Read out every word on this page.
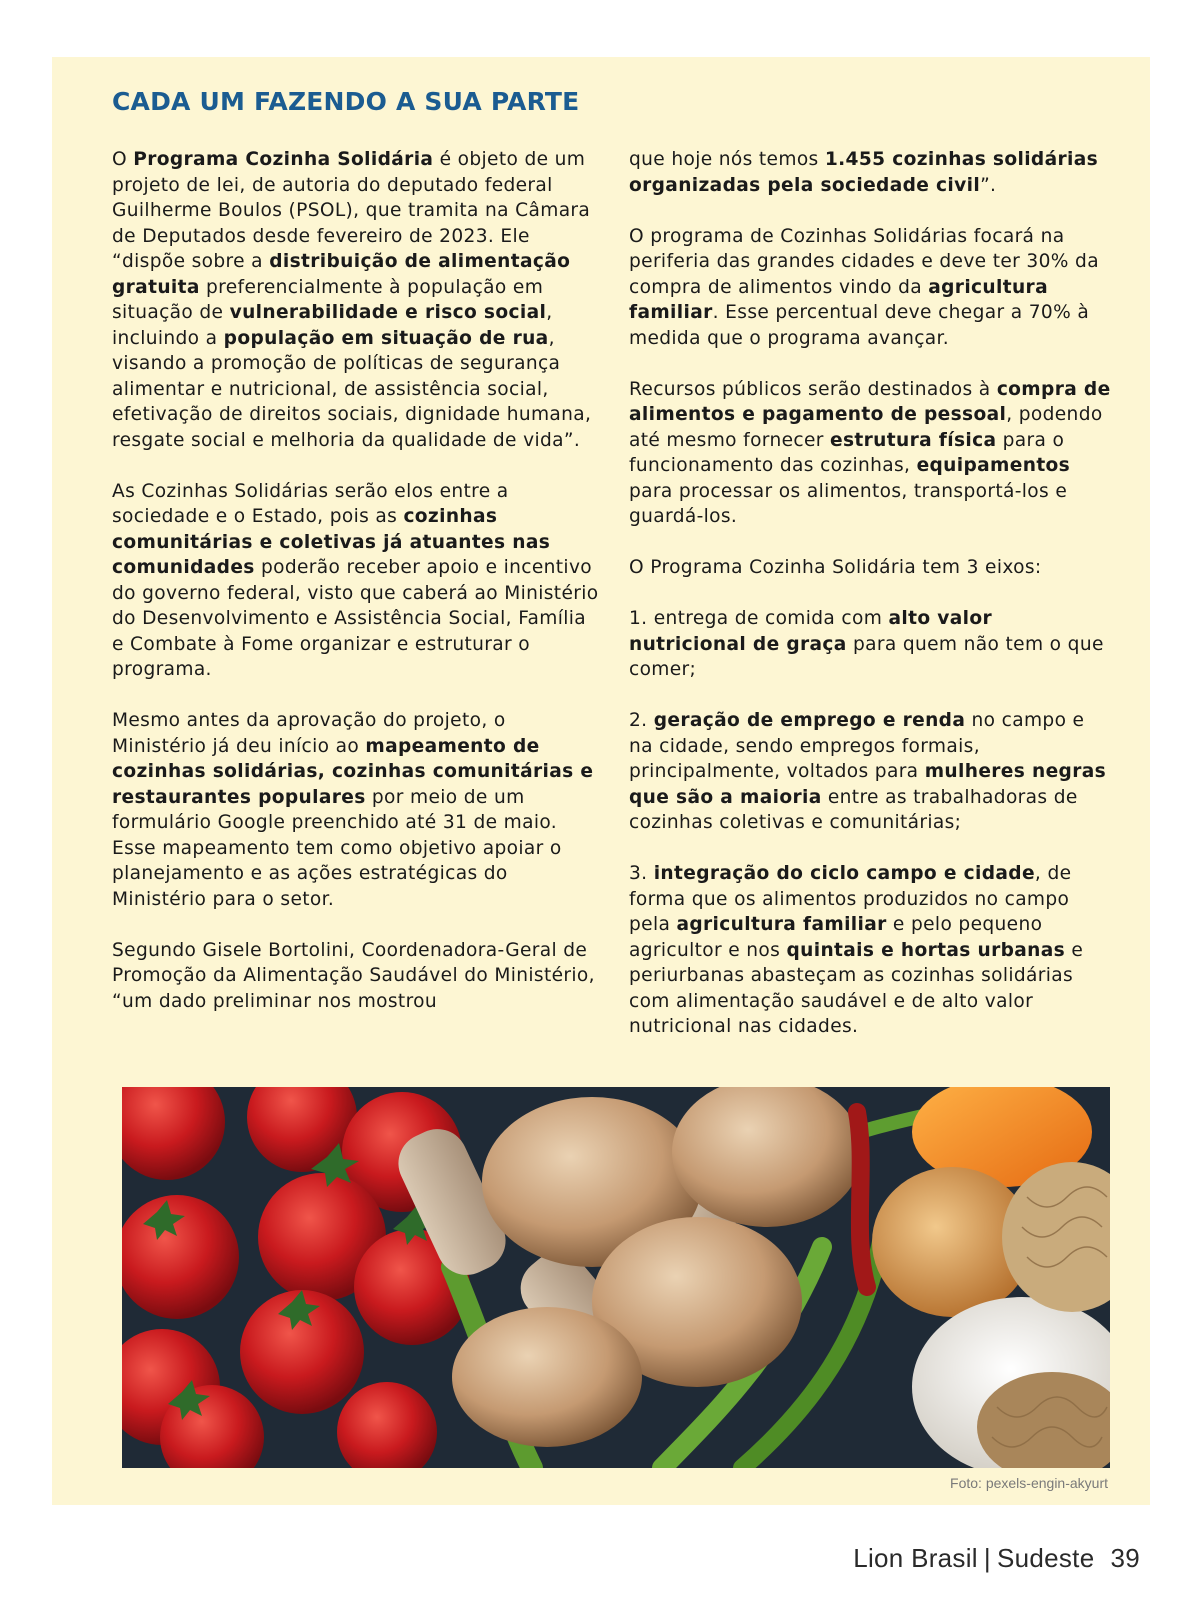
CADA UM FAZENDO A SUA PARTE

O Programa Cozinha Solidária é objeto de um projeto de lei, de autoria do deputado federal Guilherme Boulos (PSOL), que tramita na Câmara de Deputados desde fevereiro de 2023. Ele “dispõe sobre a distribuição de alimentação gratuita preferencialmente à população em situação de vulnerabilidade e risco social, incluindo a população em situação de rua, visando a promoção de políticas de segurança alimentar e nutricional, de assistência social, efetivação de direitos sociais, dignidade humana, resgate social e melhoria da qualidade de vida”.

As Cozinhas Solidárias serão elos entre a sociedade e o Estado, pois as cozinhas comunitárias e coletivas já atuantes nas comunidades poderão receber apoio e incentivo do governo federal, visto que caberá ao Ministério do Desenvolvimento e Assistência Social, Família e Combate à Fome organizar e estruturar o programa.

Mesmo antes da aprovação do projeto, o Ministério já deu início ao mapeamento de cozinhas solidárias, cozinhas comunitárias e restaurantes populares por meio de um formulário Google preenchido até 31 de maio. Esse mapeamento tem como objetivo apoiar o planejamento e as ações estratégicas do Ministério para o setor.

Segundo Gisele Bortolini, Coordenadora-Geral de Promoção da Alimentação Saudável do Ministério, “um dado preliminar nos mostrou

que hoje nós temos 1.455 cozinhas solidárias organizadas pela sociedade civil”.

O programa de Cozinhas Solidárias focará na periferia das grandes cidades e deve ter 30% da compra de alimentos vindo da agricultura familiar. Esse percentual deve chegar a 70% à medida que o programa avançar.

Recursos públicos serão destinados à compra de alimentos e pagamento de pessoal, podendo até mesmo fornecer estrutura física para o funcionamento das cozinhas, equipamentos para processar os alimentos, transportá-los e guardá-los.

O Programa Cozinha Solidária tem 3 eixos:

1. entrega de comida com alto valor nutricional de graça para quem não tem o que comer;

2. geração de emprego e renda no campo e na cidade, sendo empregos formais, principalmente, voltados para mulheres negras que são a maioria entre as trabalhadoras de cozinhas coletivas e comunitárias;

3. integração do ciclo campo e cidade, de forma que os alimentos produzidos no campo pela agricultura familiar e pelo pequeno agricultor e nos quintais e hortas urbanas e periurbanas abasteçam as cozinhas solidárias com alimentação saudável e de alto valor nutricional nas cidades.

Foto: pexels-engin-akyurt
Lion Brasil | Sudeste 39
